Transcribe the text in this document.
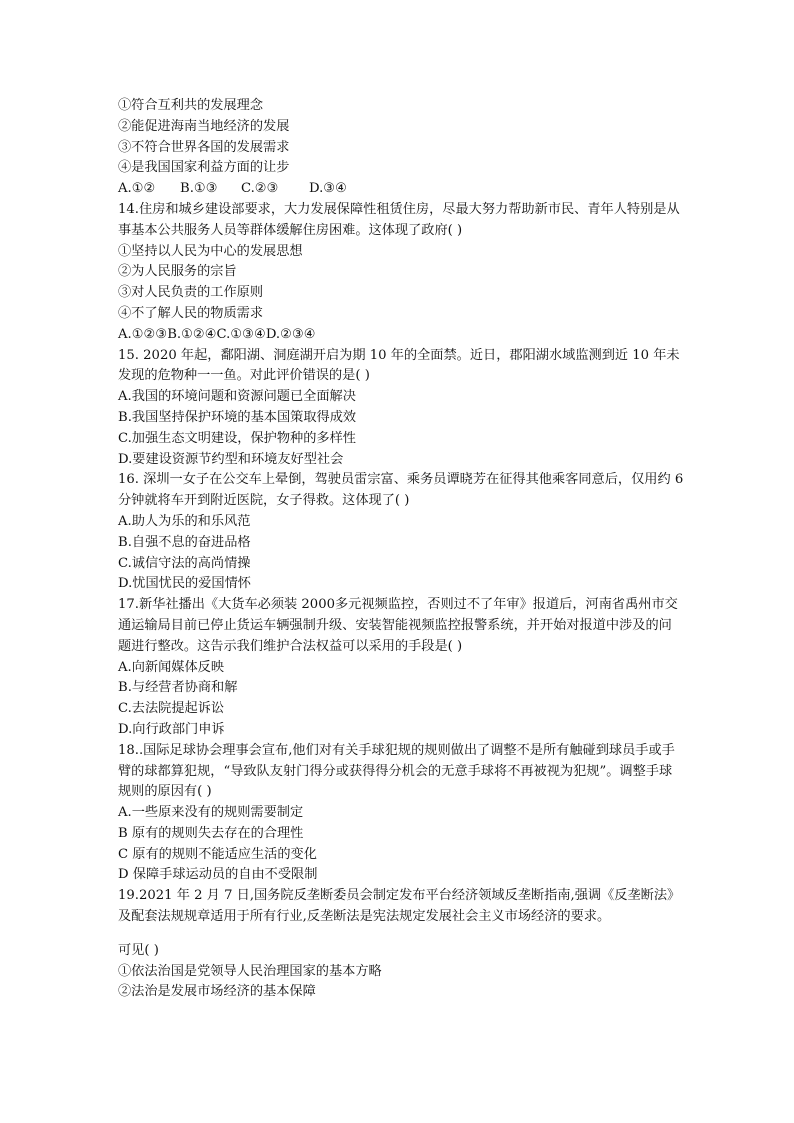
①符合互利共的发展理念
②能促进海南当地经济的发展
③不符合世界各国的发展需求
④是我国国家利益方面的让步
A.①② B.①③ C.②③ D.③④
14.住房和城乡建设部要求，大力发展保障性租赁住房，尽最大努力帮助新市民、青年人特别是从事基本公共服务人员等群体缓解住房困难。这体现了政府( )
①坚持以人民为中心的发展思想
②为人民服务的宗旨
③对人民负责的工作原则
④不了解人民的物质需求
A.①②③B.①②④C.①③④D.②③④
15. 2020 年起，鄱阳湖、洞庭湖开启为期 10 年的全面禁。近日，郡阳湖水域监测到近 10 年未发现的危物种一一鱼。对此评价错误的是( )
A.我国的环境问题和资源问题已全面解决
B.我国坚持保护环境的基本国策取得成效
C.加强生态文明建设，保护物种的多样性
D.要建设资源节约型和环境友好型社会
16. 深圳一女子在公交车上晕倒，驾驶员雷宗富、乘务员谭晓芳在征得其他乘客同意后，仅用约 6 分钟就将车开到附近医院，女子得救。这体现了( )
A.助人为乐的和乐风范
B.自强不息的奋进品格
C.诚信守法的高尚情操
D.忧国忧民的爱国情怀
17.新华社播出《大货车必须装 2000多元视频监控，否则过不了年审》报道后，河南省禹州市交通运输局目前已停止货运车辆强制升级、安装智能视频监控报警系统，并开始对报道中涉及的问题进行整改。这告示我们维护合法权益可以采用的手段是( )
A.向新闻媒体反映
B.与经营者协商和解
C.去法院提起诉讼
D.向行政部门申诉
18..国际足球协会理事会宣布,他们对有关手球犯规的规则做出了调整不是所有触碰到球员手或手臂的球都算犯规，“导致队友射门得分或获得得分机会的无意手球将不再被视为犯规”。调整手球规则的原因有( )
A.一些原来没有的规则需要制定
B 原有的规则失去存在的合理性
C 原有的规则不能适应生活的变化
D 保障手球运动员的自由不受限制
19.2021 年 2 月 7 日,国务院反垄断委员会制定发布平台经济领域反垄断指南,强调《反垄断法》及配套法规规章适用于所有行业,反垄断法是宪法规定发展社会主义市场经济的要求。
可见( )
①依法治国是党领导人民治理国家的基本方略
②法治是发展市场经济的基本保障
